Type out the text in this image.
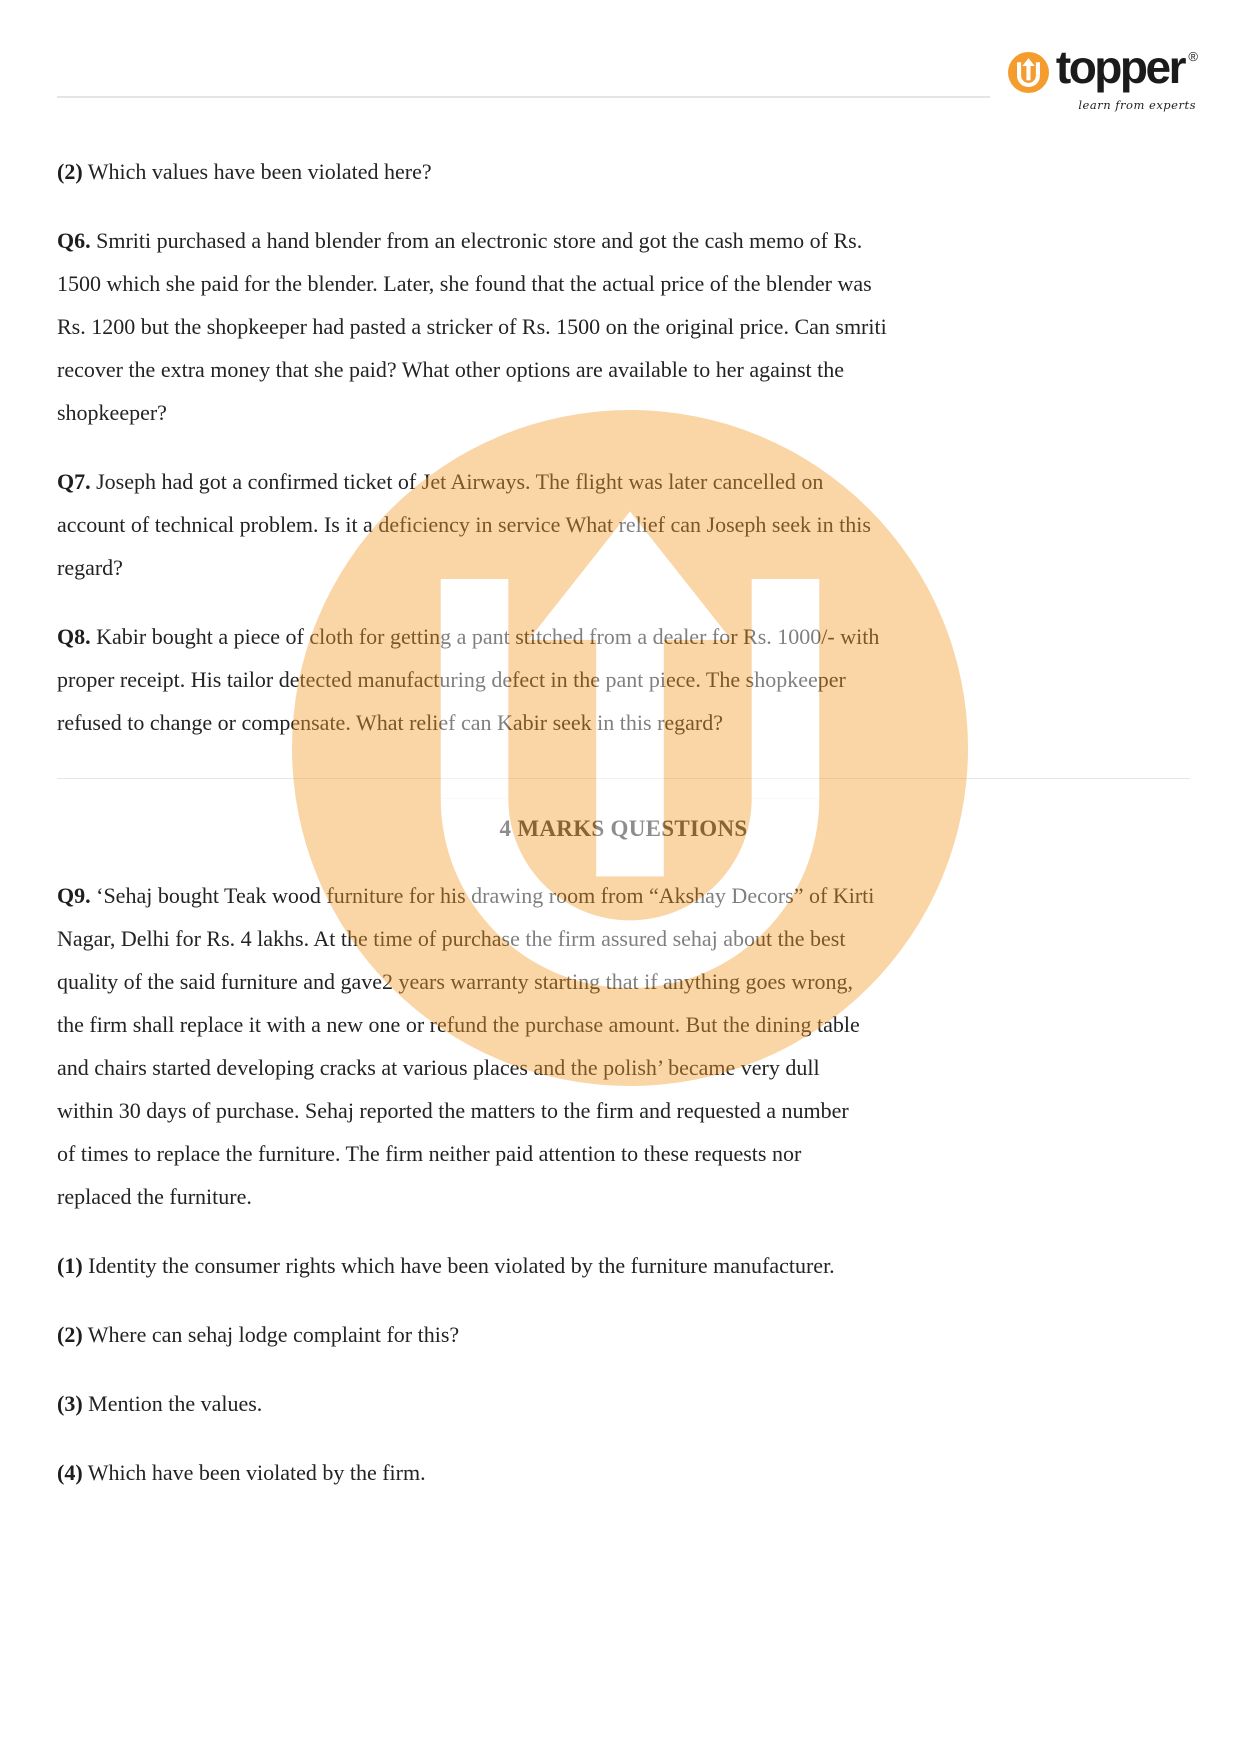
topper ®
learn from experts

(2) Which values have been violated here?

Q6. Smriti purchased a hand blender from an electronic store and got the cash memo of Rs.
1500 which she paid for the blender. Later, she found that the actual price of the blender was
Rs. 1200 but the shopkeeper had pasted a stricker of Rs. 1500 on the original price. Can smriti
recover the extra money that she paid? What other options are available to her against the
shopkeeper?

Q7. Joseph had got a confirmed ticket of Jet Airways. The flight was later cancelled on
account of technical problem. Is it a deficiency in service What relief can Joseph seek in this
regard?

Q8. Kabir bought a piece of cloth for getting a pant stitched from a dealer for Rs. 1000/- with
proper receipt. His tailor detected manufacturing defect in the pant piece. The shopkeeper
refused to change or compensate. What relief can Kabir seek in this regard?

4 MARKS QUESTIONS

Q9. ‘Sehaj bought Teak wood furniture for his drawing room from “Akshay Decors” of Kirti
Nagar, Delhi for Rs. 4 lakhs. At the time of purchase the firm assured sehaj about the best
quality of the said furniture and gave2 years warranty starting that if anything goes wrong,
the firm shall replace it with a new one or refund the purchase amount. But the dining table
and chairs started developing cracks at various places and the polish’ became very dull
within 30 days of purchase. Sehaj reported the matters to the firm and requested a number
of times to replace the furniture. The firm neither paid attention to these requests nor
replaced the furniture.

(1) Identity the consumer rights which have been violated by the furniture manufacturer.

(2) Where can sehaj lodge complaint for this?

(3) Mention the values.

(4) Which have been violated by the firm.
